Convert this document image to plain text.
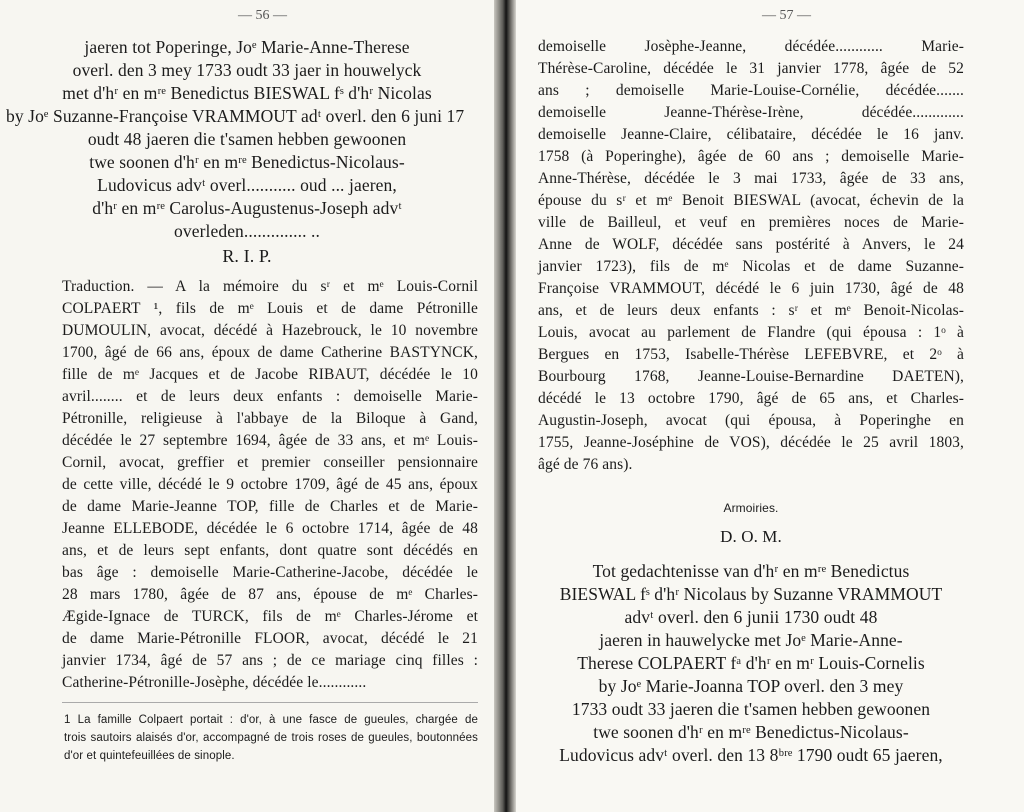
— 56 —
jaeren tot Poperinge, Joᵉ Marie-Anne-Therese
overl. den 3 mey 1733 oudt 33 jaer in houwelyck
met d'hʳ en mʳᵉ Benedictus BIESWAL fˢ d'hʳ Nicolas
by Joᵉ Suzanne-Françoise VRAMMOUT adᵗ overl. den 6 juni 17
oudt 48 jaeren die t'samen hebben gewoonen
twe soonen d'hʳ en mʳᵉ Benedictus-Nicolaus-
Ludovicus advᵗ overl........... oud ... jaeren,
d'hʳ en mʳᵉ Carolus-Augustenus-Joseph advᵗ
overleden.............. ..
R. I. P.
Traduction. — A la mémoire du sʳ et mᵉ Louis-Cornil
COLPAERT ¹, fils de mᵉ Louis et de dame Pétronille
DUMOULIN, avocat, décédé à Hazebrouck, le 10 novembre
1700, âgé de 66 ans, époux de dame Catherine BASTYNCK,
fille de mᵉ Jacques et de Jacobe RIBAUT, décédée le 10
avril........ et de leurs deux enfants : demoiselle Marie-
Pétronille, religieuse à l'abbaye de la Biloque à Gand,
décédée le 27 septembre 1694, âgée de 33 ans, et mᵉ Louis-
Cornil, avocat, greffier et premier conseiller pensionnaire
de cette ville, décédé le 9 octobre 1709, âgé de 45 ans, époux
de dame Marie-Jeanne TOP, fille de Charles et de Marie-
Jeanne ELLEBODE, décédée le 6 octobre 1714, âgée de 48
ans, et de leurs sept enfants, dont quatre sont décédés en
bas âge : demoiselle Marie-Catherine-Jacobe, décédée le
28 mars 1780, âgée de 87 ans, épouse de mᵉ Charles-
Ægide-Ignace de TURCK, fils de mᵉ Charles-Jérome et
de dame Marie-Pétronille FLOOR, avocat, décédé le 21
janvier 1734, âgé de 57 ans ; de ce mariage cinq filles :
Catherine-Pétronille-Josèphe, décédée le............
1 La famille Colpaert portait : d'or, à une fasce de gueules, chargée de
trois sautoirs alaisés d'or, accompagné de trois roses de gueules, boutonnées
d'or et quintefeuillées de sinople.
— 57 —
demoiselle Josèphe-Jeanne, décédée............ Marie-
Thérèse-Caroline, décédée le 31 janvier 1778, âgée de 52
ans ; demoiselle Marie-Louise-Cornélie, décédée.......
demoiselle Jeanne-Thérèse-Irène, décédée.............
demoiselle Jeanne-Claire, célibataire, décédée le 16 janv.
1758 (à Poperinghe), âgée de 60 ans ; demoiselle Marie-
Anne-Thérèse, décédée le 3 mai 1733, âgée de 33 ans,
épouse du sʳ et mᵉ Benoit BIESWAL (avocat, échevin de la
ville de Bailleul, et veuf en premières noces de Marie-
Anne de WOLF, décédée sans postérité à Anvers, le 24
janvier 1723), fils de mᵉ Nicolas et de dame Suzanne-
Françoise VRAMMOUT, décédé le 6 juin 1730, âgé de 48
ans, et de leurs deux enfants : sʳ et mᵉ Benoit-Nicolas-
Louis, avocat au parlement de Flandre (qui épousa : 1ᵒ à
Bergues en 1753, Isabelle-Thérèse LEFEBVRE, et 2ᵒ à
Bourbourg 1768, Jeanne-Louise-Bernardine DAETEN),
décédé le 13 octobre 1790, âgé de 65 ans, et Charles-
Augustin-Joseph, avocat (qui épousa, à Poperinghe en
1755, Jeanne-Joséphine de VOS), décédée le 25 avril 1803,
âgé de 76 ans).
Armoiries.
D. O. M.
Tot gedachtenisse van d'hʳ en mʳᵉ Benedictus
BIESWAL fˢ d'hʳ Nicolaus by Suzanne VRAMMOUT
advᵗ overl. den 6 junii 1730 oudt 48
jaeren in hauwelycke met Joᵉ Marie-Anne-
Therese COLPAERT fᵃ d'hʳ en mʳ Louis-Cornelis
by Joᵉ Marie-Joanna TOP overl. den 3 mey
1733 oudt 33 jaeren die t'samen hebben gewoonen
twe soonen d'hʳ en mʳᵉ Benedictus-Nicolaus-
Ludovicus advᵗ overl. den 13 8ᵇʳᵉ 1790 oudt 65 jaeren,
